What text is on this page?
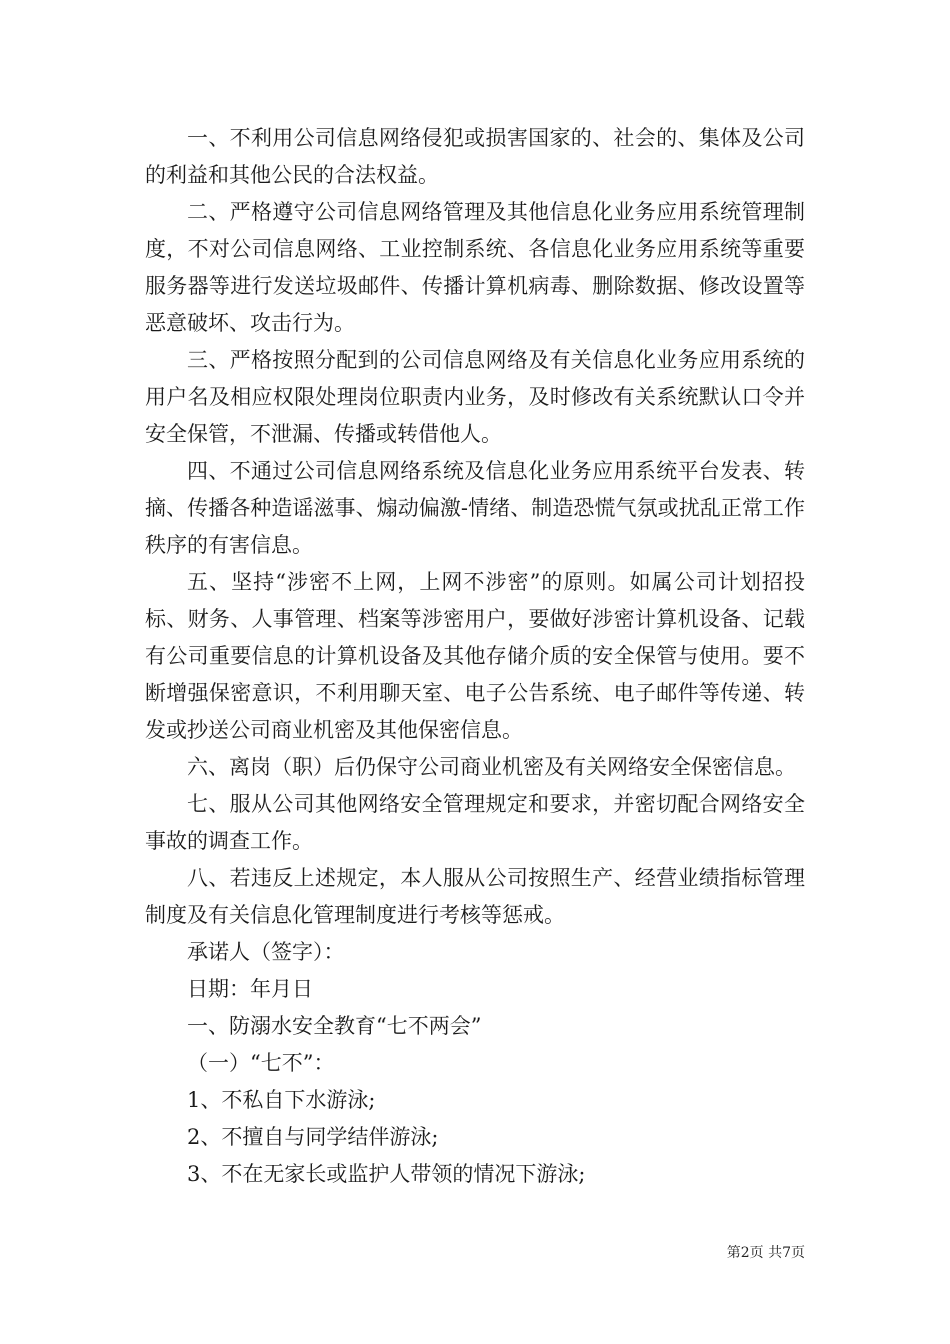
一、不利用公司信息网络侵犯或损害国家的、社会的、集体及公司的利益和其他公民的合法权益。

二、严格遵守公司信息网络管理及其他信息化业务应用系统管理制度，不对公司信息网络、工业控制系统、各信息化业务应用系统等重要服务器等进行发送垃圾邮件、传播计算机病毒、删除数据、修改设置等恶意破坏、攻击行为。

三、严格按照分配到的公司信息网络及有关信息化业务应用系统的用户名及相应权限处理岗位职责内业务，及时修改有关系统默认口令并安全保管，不泄漏、传播或转借他人。

四、不通过公司信息网络系统及信息化业务应用系统平台发表、转摘、传播各种造谣滋事、煽动偏激-情绪、制造恐慌气氛或扰乱正常工作秩序的有害信息。

五、坚持“涉密不上网，上网不涉密”的原则。如属公司计划招投标、财务、人事管理、档案等涉密用户，要做好涉密计算机设备、记载有公司重要信息的计算机设备及其他存储介质的安全保管与使用。要不断增强保密意识，不利用聊天室、电子公告系统、电子邮件等传递、转发或抄送公司商业机密及其他保密信息。

六、离岗（职）后仍保守公司商业机密及有关网络安全保密信息。

七、服从公司其他网络安全管理规定和要求，并密切配合网络安全事故的调查工作。

八、若违反上述规定，本人服从公司按照生产、经营业绩指标管理制度及有关信息化管理制度进行考核等惩戒。

承诺人（签字）：

日期：年月日

一、防溺水安全教育“七不两会”

（一）“七不”：

1、不私自下水游泳;

2、不擅自与同学结伴游泳;

3、不在无家长或监护人带领的情况下游泳;

第2页 共7页
